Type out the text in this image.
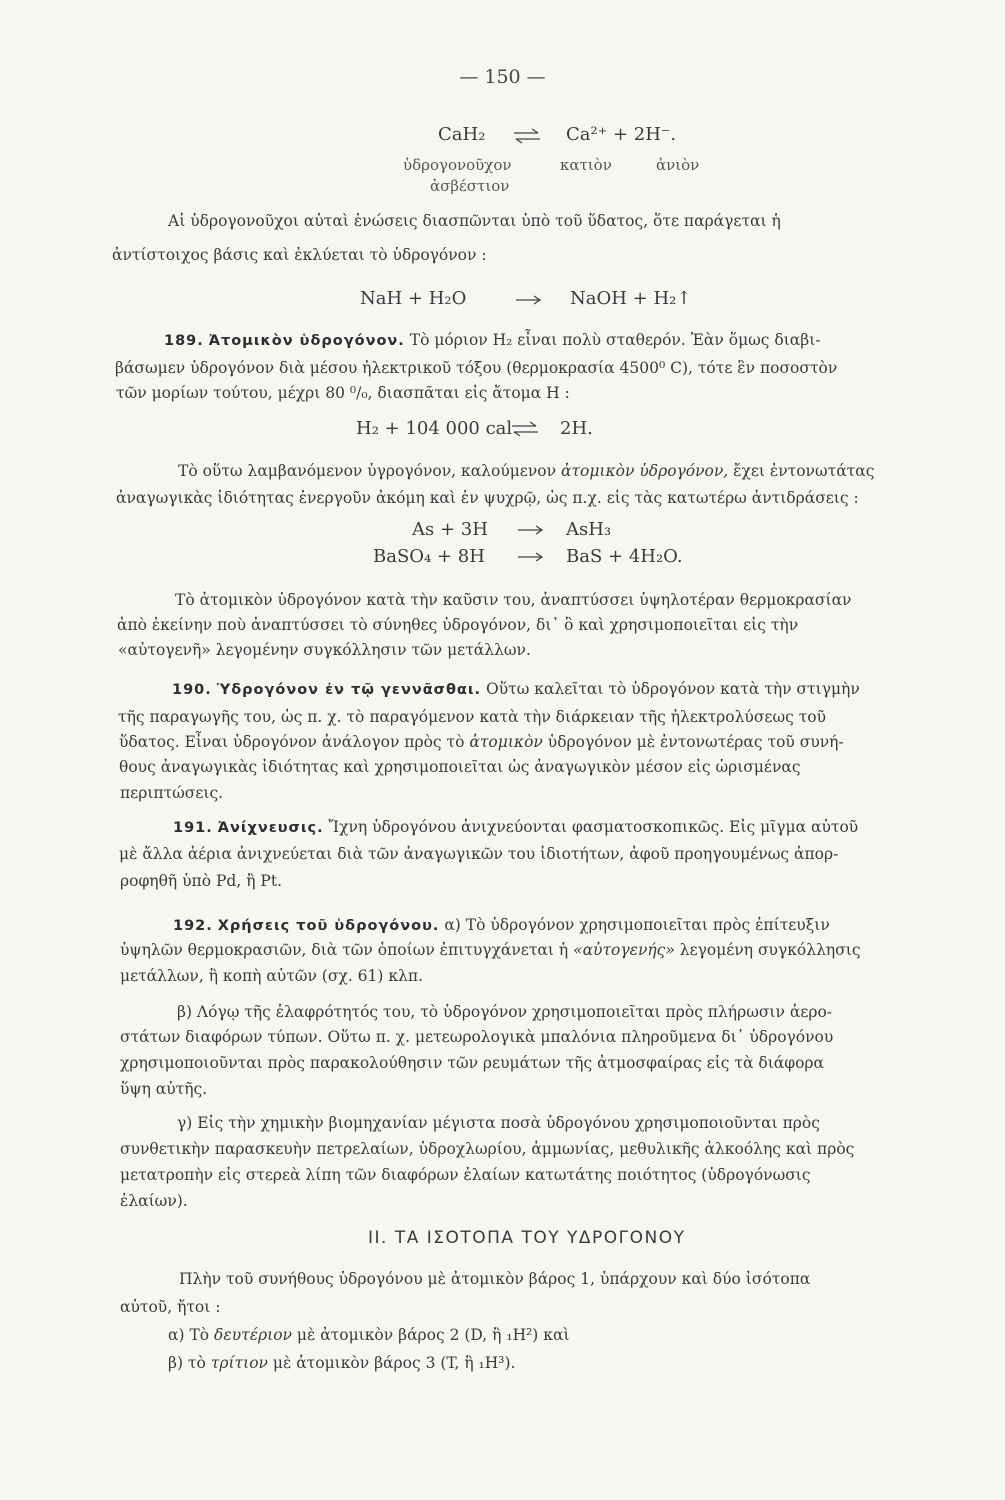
— 150 —
CaH₂ ⇌ Ca²⁺ + 2H⁻.
ὑδρογονοῦχον
ἀσβέστιον
κατιὸν	ἀνιὸν
Αἱ ὑδρογονοῦχοι αὐταὶ ἑνώσεις διασπῶνται ὑπὸ τοῦ ὕδατος, ὅτε παράγεται ἡ
ἀντίστοιχος βάσις καὶ ἐκλύεται τὸ ὑδρογόνον :
NaH + H₂O	NaOH + H₂↑
189. Ἀτομικὸν ὑδρογόνον. Τὸ μόριον H₂ εἶναι πολὺ σταθερόν. Ἐὰν ὅμως διαβι-
βάσωμεν ὑδρογόνον διὰ μέσου ἠλεκτρικοῦ τόξου (θερμοκρασία 4500⁰ C), τότε ἓν ποσοστὸν
τῶν μορίων τούτου, μέχρι 80 ⁰/₀, διασπᾶται εἰς ἄτομα H :
H₂ + 104 000 cal ⇌ 2H.
Τὸ οὕτω λαμβανόμενον ὑγρογόνον, καλούμενον ἀτομικὸν ὑδρογόνον, ἔχει ἐντονωτάτας
ἀναγωγικὰς ἰδιότητας ἐνεργοῦν ἀκόμη καὶ ἐν ψυχρῷ, ὡς π.χ. εἰς τὰς κατωτέρω ἀντιδράσεις :
As + 3H → AsH₃
BaSO₄ + 8H → BaS + 4H₂O.
Τὸ ἀτομικὸν ὑδρογόνον κατὰ τὴν καῦσιν του, ἀναπτύσσει ὑψηλοτέραν θερμοκρασίαν
ἀπὸ ἐκείνην ποὺ ἀναπτύσσει τὸ σύνηθες ὑδρογόνον, δι᾽ ὃ καὶ χρησιμοποιεῖται εἰς τὴν
«αὐτογενῆ» λεγομένην συγκόλλησιν τῶν μετάλλων.
190. Ὑδρογόνον ἐν τῷ γεννᾶσθαι. Οὕτω καλεῖται τὸ ὑδρογόνον κατὰ τὴν στιγμὴν
τῆς παραγωγῆς του, ὡς π. χ. τὸ παραγόμενον κατὰ τὴν διάρκειαν τῆς ἠλεκτρολύσεως τοῦ
ὕδατος. Εἶναι ὑδρογόνον ἀνάλογον πρὸς τὸ ἀτομικὸν ὑδρογόνον μὲ ἐντονωτέρας τοῦ συνή-
θους ἀναγωγικὰς ἰδιότητας καὶ χρησιμοποιεῖται ὡς ἀναγωγικὸν μέσον εἰς ὡρισμένας
περιπτώσεις.
191. Ἀνίχνευσις. Ἴχνη ὑδρογόνου ἀνιχνεύονται φασματοσκοπικῶς. Εἰς μῖγμα αὐτοῦ
μὲ ἄλλα ἀέρια ἀνιχνεύεται διὰ τῶν ἀναγωγικῶν του ἰδιοτήτων, ἀφοῦ προηγουμένως ἀπορ-
ροφηθῆ ὑπὸ Pd, ἢ Pt.
192. Χρήσεις τοῦ ὑδρογόνου. α) Τὸ ὑδρογόνον χρησιμοποιεῖται πρὸς ἐπίτευξιν
ὑψηλῶν θερμοκρασιῶν, διὰ τῶν ὁποίων ἐπιτυγχάνεται ἡ «αὐτογενής» λεγομένη συγκόλλησις
μετάλλων, ἢ κοπὴ αὐτῶν (σχ. 61) κλπ.
β) Λόγῳ τῆς ἐλαφρότητός του, τὸ ὑδρογόνον χρησιμοποιεῖται πρὸς πλήρωσιν ἀερο-
στάτων διαφόρων τύπων. Οὕτω π. χ. μετεωρολογικὰ μπαλόνια πληροῦμενα δι᾽ ὑδρογόνου
χρησιμοποιοῦνται πρὸς παρακολούθησιν τῶν ρευμάτων τῆς ἀτμοσφαίρας εἰς τὰ διάφορα
ὕψη αὐτῆς.
γ) Εἰς τὴν χημικὴν βιομηχανίαν μέγιστα ποσὰ ὑδρογόνου χρησιμοποιοῦνται πρὸς
συνθετικὴν παρασκευὴν πετρελαίων, ὑδροχλωρίου, ἀμμωνίας, μεθυλικῆς ἀλκοόλης καὶ πρὸς
μετατροπὴν εἰς στερεὰ λίπη τῶν διαφόρων ἐλαίων κατωτάτης ποιότητος (ὑδρογόνωσις
ἐλαίων).
II. ΤΑ ΙΣΟΤΟΠΑ ΤΟΥ ΥΔΡΟΓΟΝΟΥ
Πλὴν τοῦ συνήθους ὑδρογόνου μὲ ἀτομικὸν βάρος 1, ὑπάρχουν καὶ δύο ἰσότοπα
αὐτοῦ, ἤτοι :
α) Τὸ δευτέριον μὲ ἀτομικὸν βάρος 2 (D, ἢ ₁H²) καὶ
β) τὸ τρίτιον μὲ ἀτομικὸν βάρος 3 (T, ἢ ₁H³).
